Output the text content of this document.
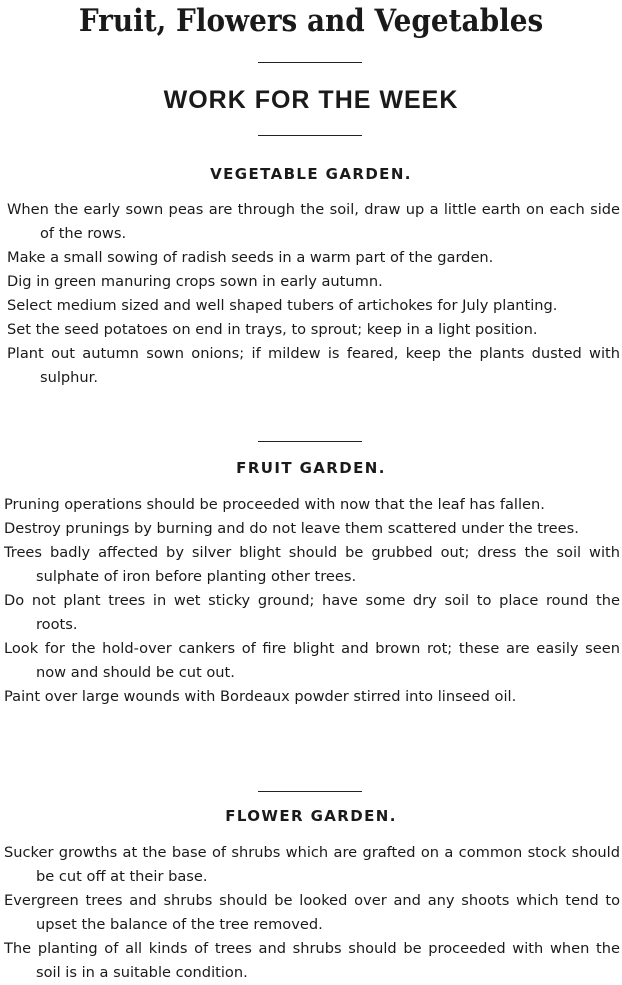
Fruit, Flowers and Vegetables
WORK FOR THE WEEK
VEGETABLE GARDEN.
When the early sown peas are through the soil, draw up a little earth on each side of the rows.
Make a small sowing of radish seeds in a warm part of the garden.
Dig in green manuring crops sown in early autumn.
Select medium sized and well shaped tubers of artichokes for July planting.
Set the seed potatoes on end in trays, to sprout; keep in a light position.
Plant out autumn sown onions; if mildew is feared, keep the plants dusted with sulphur.
FRUIT GARDEN.
Pruning operations should be proceeded with now that the leaf has fallen.
Destroy prunings by burning and do not leave them scattered under the trees.
Trees badly affected by silver blight should be grubbed out; dress the soil with sulphate of iron before planting other trees.
Do not plant trees in wet sticky ground; have some dry soil to place round the roots.
Look for the hold-over cankers of fire blight and brown rot; these are easily seen now and should be cut out.
Paint over large wounds with Bordeaux powder stirred into linseed oil.
FLOWER GARDEN.
Sucker growths at the base of shrubs which are grafted on a common stock should be cut off at their base.
Evergreen trees and shrubs should be looked over and any shoots which tend to upset the balance of the tree removed.
The planting of all kinds of trees and shrubs should be proceeded with when the soil is in a suitable condition.
